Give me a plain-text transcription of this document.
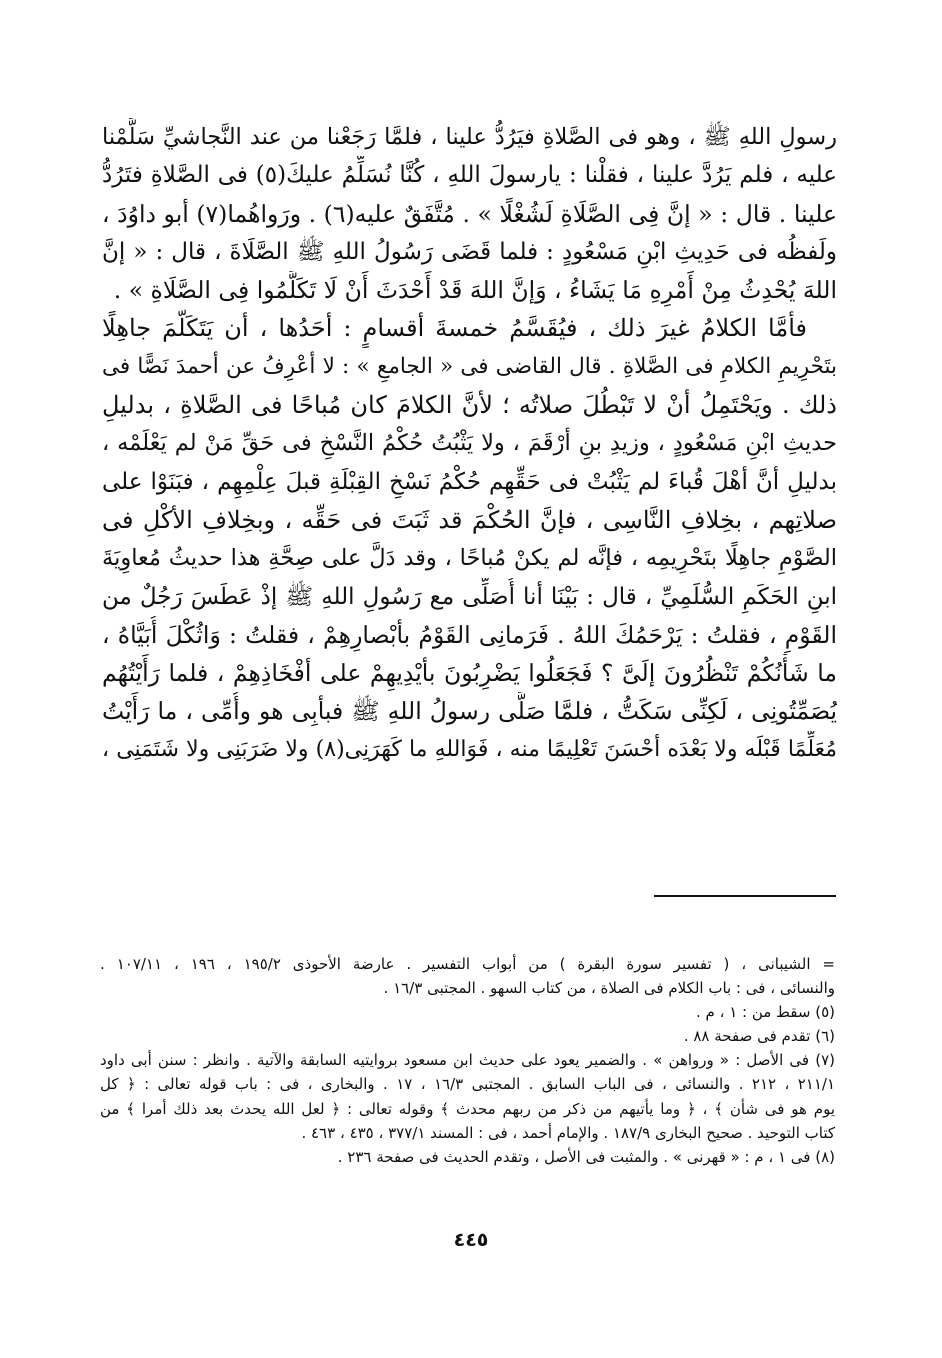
رسولِ اللهِ ﷺ ، وهو فى الصَّلاةِ فيَرُدُّ علينا ، فلمَّا رَجَعْنا من عند النَّجاشيِّ سَلَّمْنا
عليه ، فلم يَرُدَّ علينا ، فقلْنا : يارسولَ اللهِ ، كُنَّا نُسَلِّمُ عليكَ(٥) فى الصَّلاةِ فتَرُدُّ
علينا . قال : « إنَّ فِى الصَّلَاةِ لَشُغْلًا » . مُتَّفَقٌ عليه(٦) . ورَواهُما(٧) أبو داوُدَ ،
ولَفظُه فى حَدِيثِ ابْنِ مَسْعُودٍ : فلما قَضَى رَسُولُ اللهِ ﷺ الصَّلَاةَ ، قال : « إنَّ
اللهَ يُحْدِثُ مِنْ أَمْرِهِ مَا يَشَاءُ ، وَإنَّ اللهَ قَدْ أَحْدَثَ أَنْ لَا تَكَلَّمُوا فِى الصَّلَاةِ » .
فأمَّا الكلامُ غيرَ ذلك ، فيُقَسَّمُ خمسةَ أقسامٍ : أحَدُها ، أن يَتَكَلَّمَ جاهِلًا
بتَحْرِيمِ الكلامِ فى الصَّلاةِ . قال القاضى فى « الجامعِ » : لا أعْرِفُ عن أحمدَ نَصًّا فى
ذلك . ويَحْتَمِلُ أنْ لا تَبْطُلَ صلاتُه ؛ لأنَّ الكلامَ كان مُباحًا فى الصَّلاةِ ، بدليلِ
حديثِ ابْنِ مَسْعُودٍ ، وزيدِ بنِ أرْقَمَ ، ولا يَثْبُتُ حُكْمُ النَّسْخِ فى حَقِّ مَنْ لم يَعْلَمْه ،
بدليلِ أنَّ أهْلَ قُباءَ لم يَثْبُتْ فى حَقِّهِم حُكْمُ نَسْخِ القِبْلَةِ قبلَ عِلْمِهِم ، فبَنَوْا على
صلاتِهم ، بخِلافِ النَّاسِى ، فإنَّ الحُكْمَ قد ثَبَتَ فى حَقِّه ، وبخِلافِ الأكْلِ فى
الصَّوْمِ جاهِلًا بتَحْرِيمِه ، فإنَّه لم يكنْ مُباحًا ، وقد دَلَّ على صِحَّةِ هذا حديثُ مُعاوِيَةَ
ابنِ الحَكَمِ السُّلَمِيِّ ، قال : بَيْنَا أنا أُصَلِّى مع رَسُولِ اللهِ ﷺ إذْ عَطَسَ رَجُلٌ من
القَوْمِ ، فقلتُ : يَرْحَمُكَ اللهُ . فَرَمانِى القَوْمُ بأبْصارِهِمْ ، فقلتُ : وَاثُكْلَ أُبَيَّاهُ ،
ما شَأْنُكُمْ تَنْظُرُونَ إلَىَّ ؟ فَجَعَلُوا يَضْرِبُونَ بأيْدِيهِمْ على أفْخَاذِهِمْ ، فلما رَأَيْتُهُم
يُصَمِّتُونِى ، لَكِنِّى سَكَتُّ ، فلمَّا صَلَّى رسولُ اللهِ ﷺ فبأبِى هو وأُمِّى ، ما رَأَيْتُ
مُعَلِّمًا قَبْلَه ولا بَعْدَه أحْسَنَ تَعْلِيمًا منه ، فَوَاللهِ ما كَهَرَنِى(٨) ولا ضَرَبَنِى ولا شَتَمَنِى ،
= الشيبانى ، ( تفسير سورة البقرة ) من أبواب التفسير . عارضة الأحوذى ١٩٥/٢ ، ١٩٦ ، ١٠٧/١١ .
والنسائى ، فى : باب الكلام فى الصلاة ، من كتاب السهو . المجتبى ١٦/٣ .
(٥) سقط من : ١ ، م .
(٦) تقدم فى صفحة ٨٨ .
(٧) فى الأصل : « ورواهن » . والضمير يعود على حديث ابن مسعود بروايتيه السابقة والآتية . وانظر : سنن أبى داود
٢١١/١ ، ٢١٢ . والنسائى ، فى الباب السابق . المجتبى ١٦/٣ ، ١٧ . والبخارى ، فى : باب قوله تعالى : ﴿ كل
يوم هو فى شأن ﴾ ، ﴿ وما يأتيهم من ذكر من ربهم محدث ﴾ وقوله تعالى : ﴿ لعل الله يحدث بعد ذلك أمرا ﴾ من
كتاب التوحيد . صحيح البخارى ١٨٧/٩ . والإمام أحمد ، فى : المسند ٣٧٧/١ ، ٤٣٥ ، ٤٦٣ .
(٨) فى ١ ، م : « قهرنى » . والمثبت فى الأصل ، وتقدم الحديث فى صفحة ٢٣٦ .
٤٤٥
